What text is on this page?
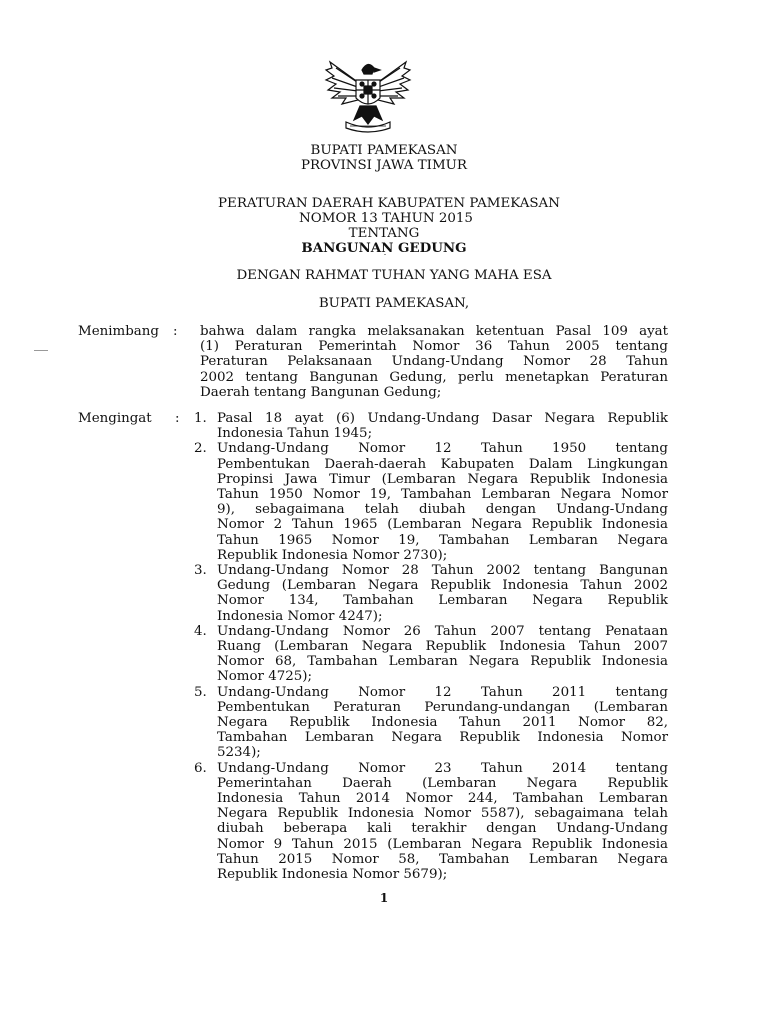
BUPATI PAMEKASAN
PROVINSI JAWA TIMUR
PERATURAN DAERAH KABUPATEN PAMEKASAN
NOMOR 13 TAHUN 2015
TENTANG
BANGUNAN GEDUNG
DENGAN RAHMAT TUHAN YANG MAHA ESA
BUPATI PAMEKASAN,
Menimbang : bahwa dalam rangka melaksanakan ketentuan Pasal 109 ayat
(1) Peraturan Pemerintah Nomor 36 Tahun 2005 tentang
Peraturan Pelaksanaan Undang-Undang Nomor 28 Tahun
2002 tentang Bangunan Gedung, perlu menetapkan Peraturan
Daerah tentang Bangunan Gedung;
Mengingat : 1. Pasal 18 ayat (6) Undang-Undang Dasar Negara Republik
Indonesia Tahun 1945;
2. Undang-Undang Nomor 12 Tahun 1950 tentang
Pembentukan Daerah-daerah Kabupaten Dalam Lingkungan
Propinsi Jawa Timur (Lembaran Negara Republik Indonesia
Tahun 1950 Nomor 19, Tambahan Lembaran Negara Nomor
9), sebagaimana telah diubah dengan Undang-Undang
Nomor 2 Tahun 1965 (Lembaran Negara Republik Indonesia
Tahun 1965 Nomor 19, Tambahan Lembaran Negara
Republik Indonesia Nomor 2730);
3. Undang-Undang Nomor 28 Tahun 2002 tentang Bangunan
Gedung (Lembaran Negara Republik Indonesia Tahun 2002
Nomor 134, Tambahan Lembaran Negara Republik
Indonesia Nomor 4247);
4. Undang-Undang Nomor 26 Tahun 2007 tentang Penataan
Ruang (Lembaran Negara Republik Indonesia Tahun 2007
Nomor 68, Tambahan Lembaran Negara Republik Indonesia
Nomor 4725);
5. Undang-Undang Nomor 12 Tahun 2011 tentang
Pembentukan Peraturan Perundang-undangan (Lembaran
Negara Republik Indonesia Tahun 2011 Nomor 82,
Tambahan Lembaran Negara Republik Indonesia Nomor
5234);
6. Undang-Undang Nomor 23 Tahun 2014 tentang
Pemerintahan Daerah (Lembaran Negara Republik
Indonesia Tahun 2014 Nomor 244, Tambahan Lembaran
Negara Republik Indonesia Nomor 5587), sebagaimana telah
diubah beberapa kali terakhir dengan Undang-Undang
Nomor 9 Tahun 2015 (Lembaran Negara Republik Indonesia
Tahun 2015 Nomor 58, Tambahan Lembaran Negara
Republik Indonesia Nomor 5679);
1
